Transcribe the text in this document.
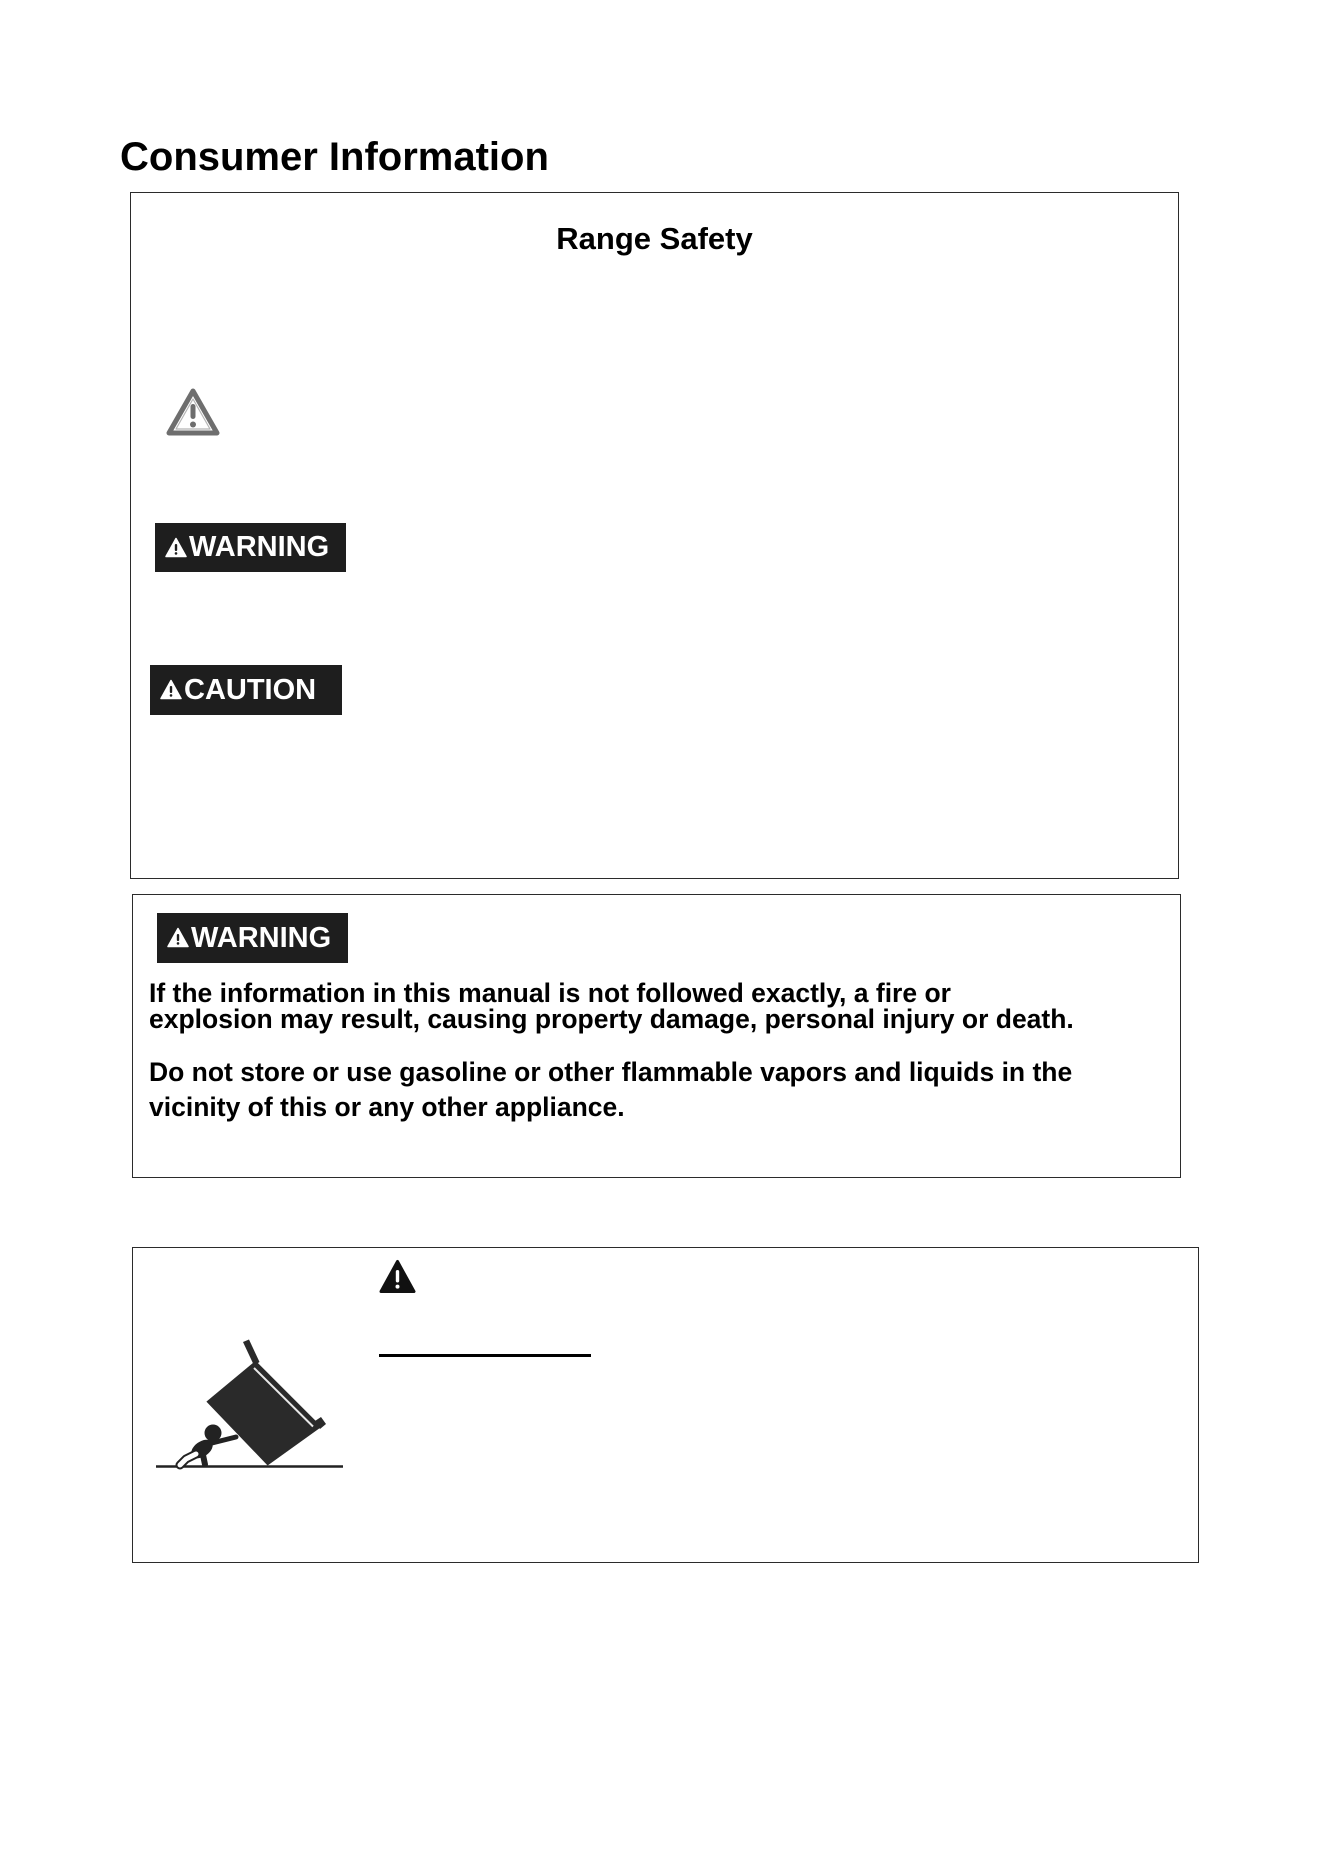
Consumer Information
Range Safety
WARNING
CAUTION
WARNING
If the information in this manual is not followed exactly, a fire or
explosion may result, causing property damage, personal injury or death.
Do not store or use gasoline or other flammable vapors and liquids in the
vicinity of this or any other appliance.
